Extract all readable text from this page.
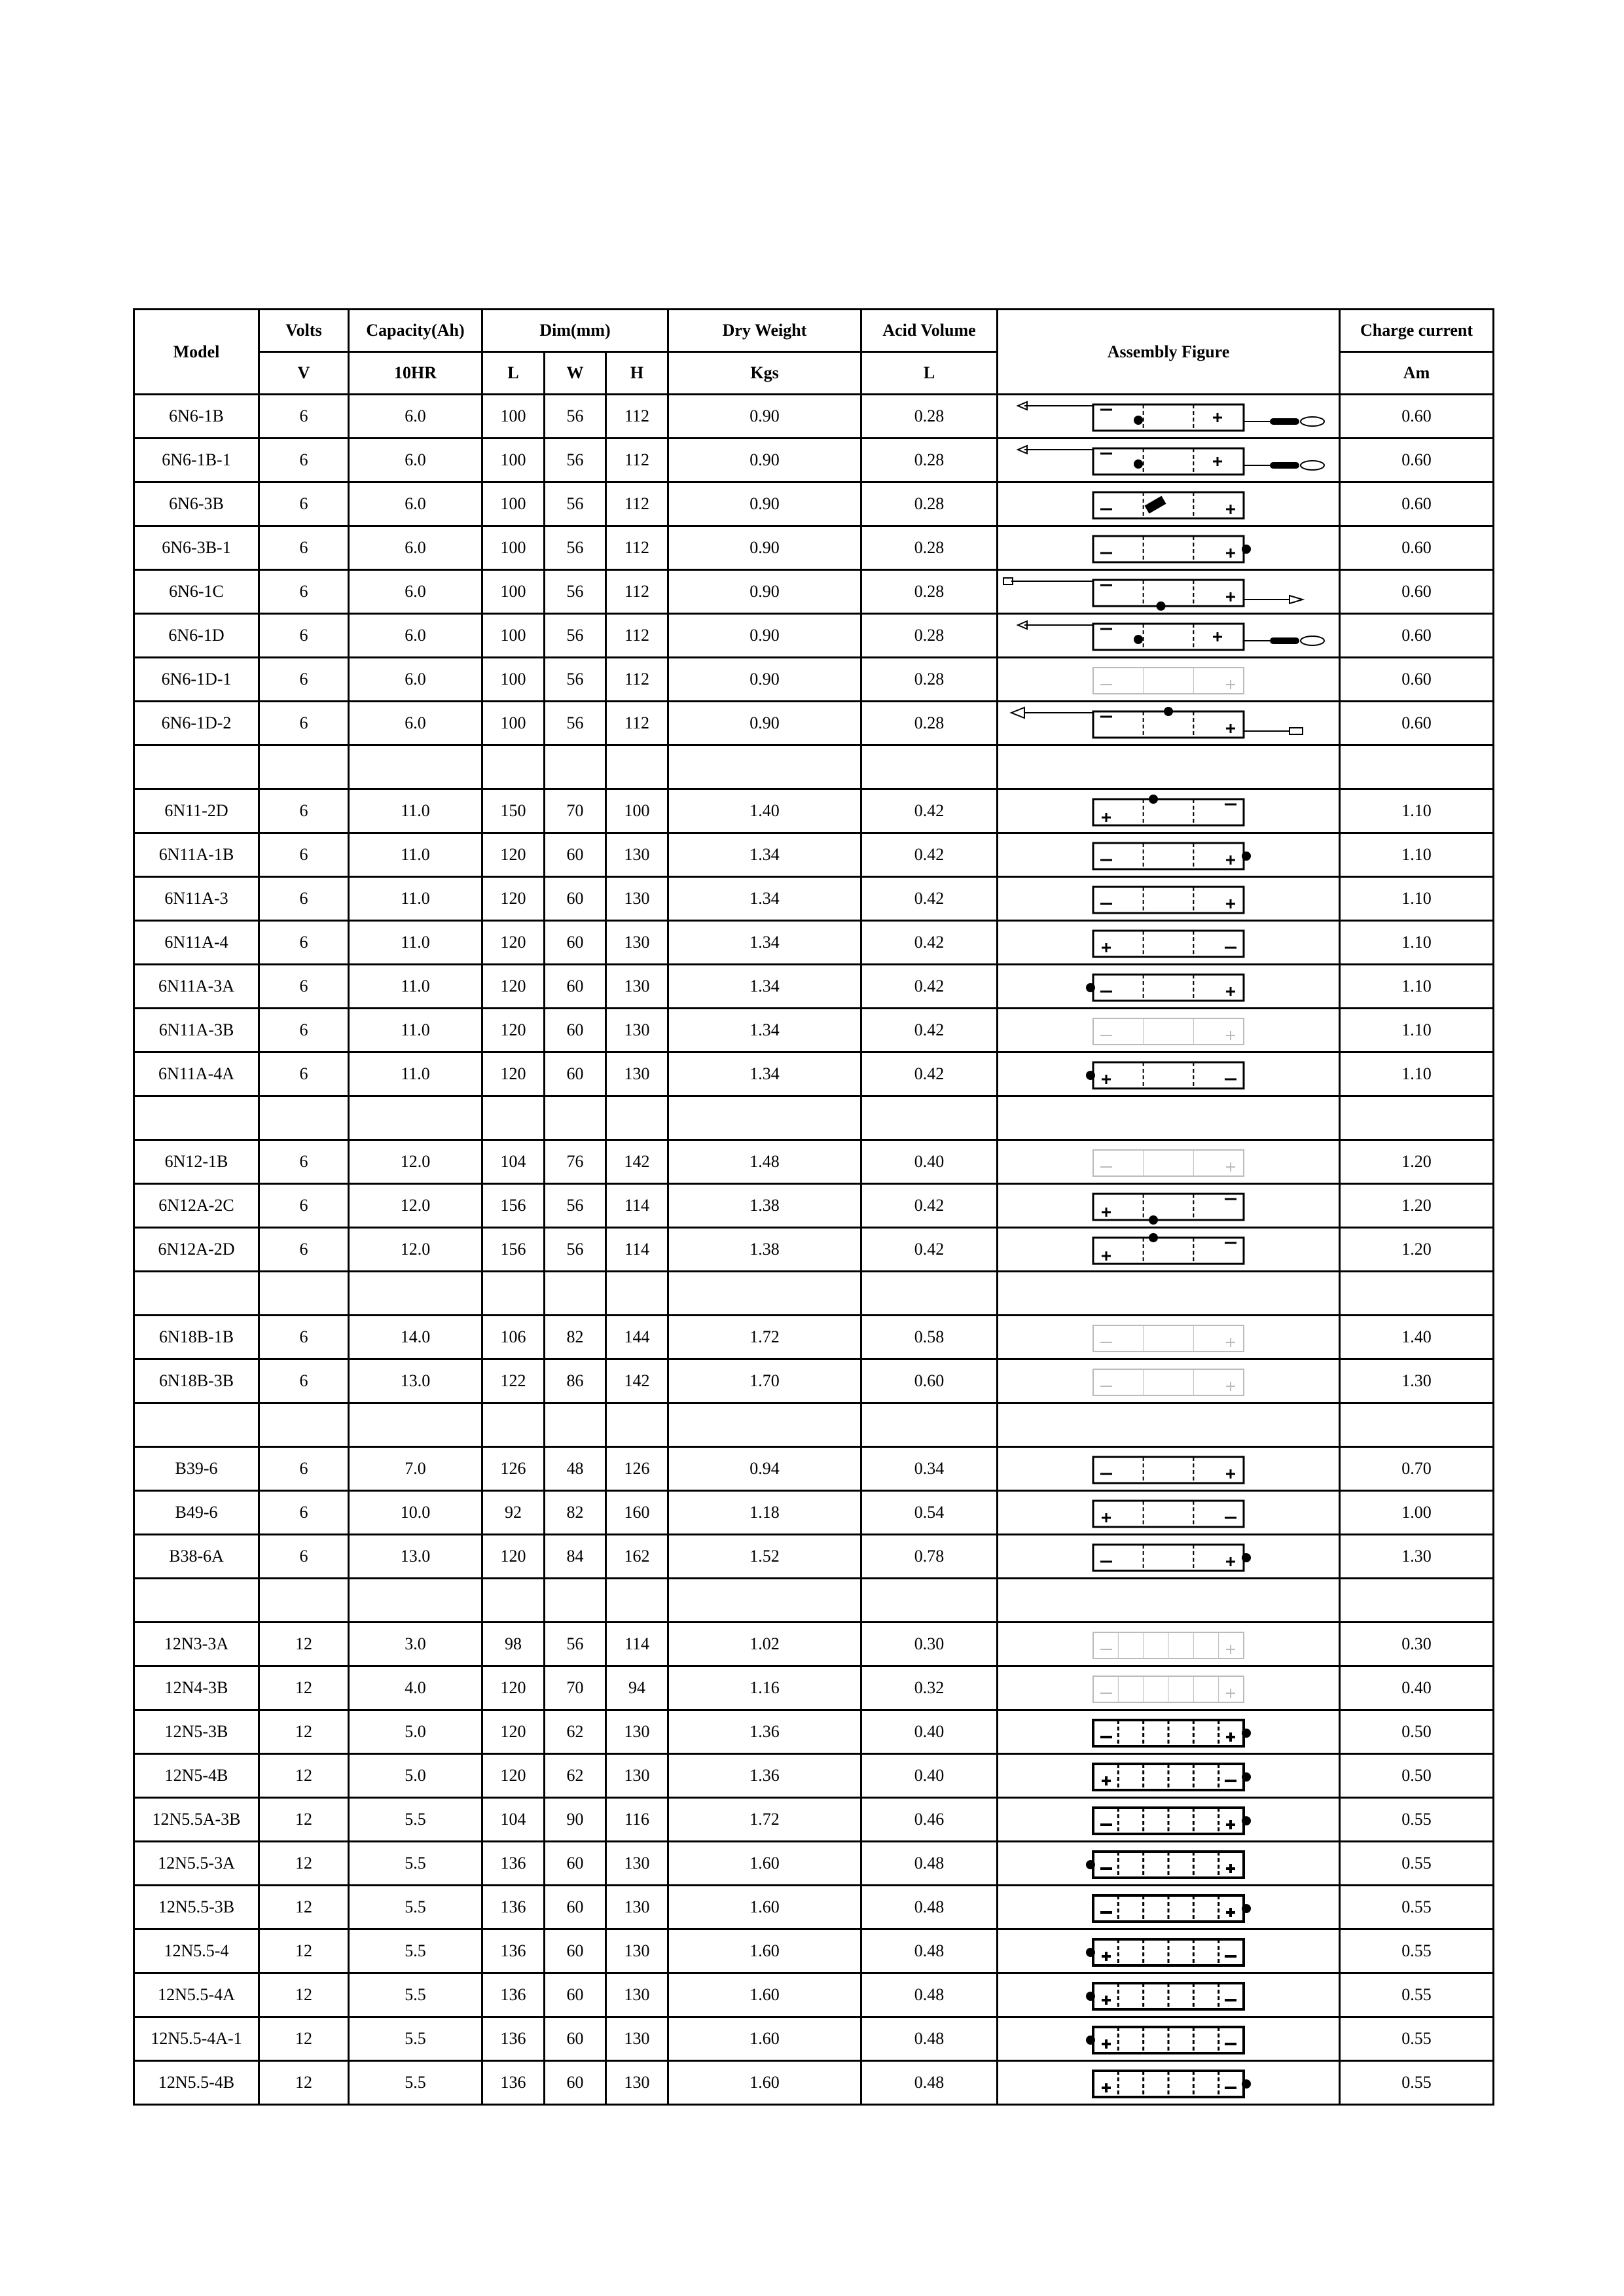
Model	Volts	Capacity(Ah)	Dim(mm)			Dry Weight	Acid Volume	Assembly Figure	Charge current
	V	10HR	L	W	H	Kgs	L		Am
6N6-1B	6	6.0	100	56	112	0.90	0.28		0.60
6N6-1B-1	6	6.0	100	56	112	0.90	0.28		0.60
6N6-3B	6	6.0	100	56	112	0.90	0.28		0.60
6N6-3B-1	6	6.0	100	56	112	0.90	0.28		0.60
6N6-1C	6	6.0	100	56	112	0.90	0.28		0.60
6N6-1D	6	6.0	100	56	112	0.90	0.28		0.60
6N6-1D-1	6	6.0	100	56	112	0.90	0.28		0.60
6N6-1D-2	6	6.0	100	56	112	0.90	0.28		0.60

6N11-2D	6	11.0	150	70	100	1.40	0.42		1.10
6N11A-1B	6	11.0	120	60	130	1.34	0.42		1.10
6N11A-3	6	11.0	120	60	130	1.34	0.42		1.10
6N11A-4	6	11.0	120	60	130	1.34	0.42		1.10
6N11A-3A	6	11.0	120	60	130	1.34	0.42		1.10
6N11A-3B	6	11.0	120	60	130	1.34	0.42		1.10
6N11A-4A	6	11.0	120	60	130	1.34	0.42		1.10

6N12-1B	6	12.0	104	76	142	1.48	0.40		1.20
6N12A-2C	6	12.0	156	56	114	1.38	0.42		1.20
6N12A-2D	6	12.0	156	56	114	1.38	0.42		1.20

6N18B-1B	6	14.0	106	82	144	1.72	0.58		1.40
6N18B-3B	6	13.0	122	86	142	1.70	0.60		1.30

B39-6	6	7.0	126	48	126	0.94	0.34		0.70
B49-6	6	10.0	92	82	160	1.18	0.54		1.00
B38-6A	6	13.0	120	84	162	1.52	0.78		1.30

12N3-3A	12	3.0	98	56	114	1.02	0.30		0.30
12N4-3B	12	4.0	120	70	94	1.16	0.32		0.40
12N5-3B	12	5.0	120	62	130	1.36	0.40		0.50
12N5-4B	12	5.0	120	62	130	1.36	0.40		0.50
12N5.5A-3B	12	5.5	104	90	116	1.72	0.46		0.55
12N5.5-3A	12	5.5	136	60	130	1.60	0.48		0.55
12N5.5-3B	12	5.5	136	60	130	1.60	0.48		0.55
12N5.5-4	12	5.5	136	60	130	1.60	0.48		0.55
12N5.5-4A	12	5.5	136	60	130	1.60	0.48		0.55
12N5.5-4A-1	12	5.5	136	60	130	1.60	0.48		0.55
12N5.5-4B	12	5.5	136	60	130	1.60	0.48		0.55
